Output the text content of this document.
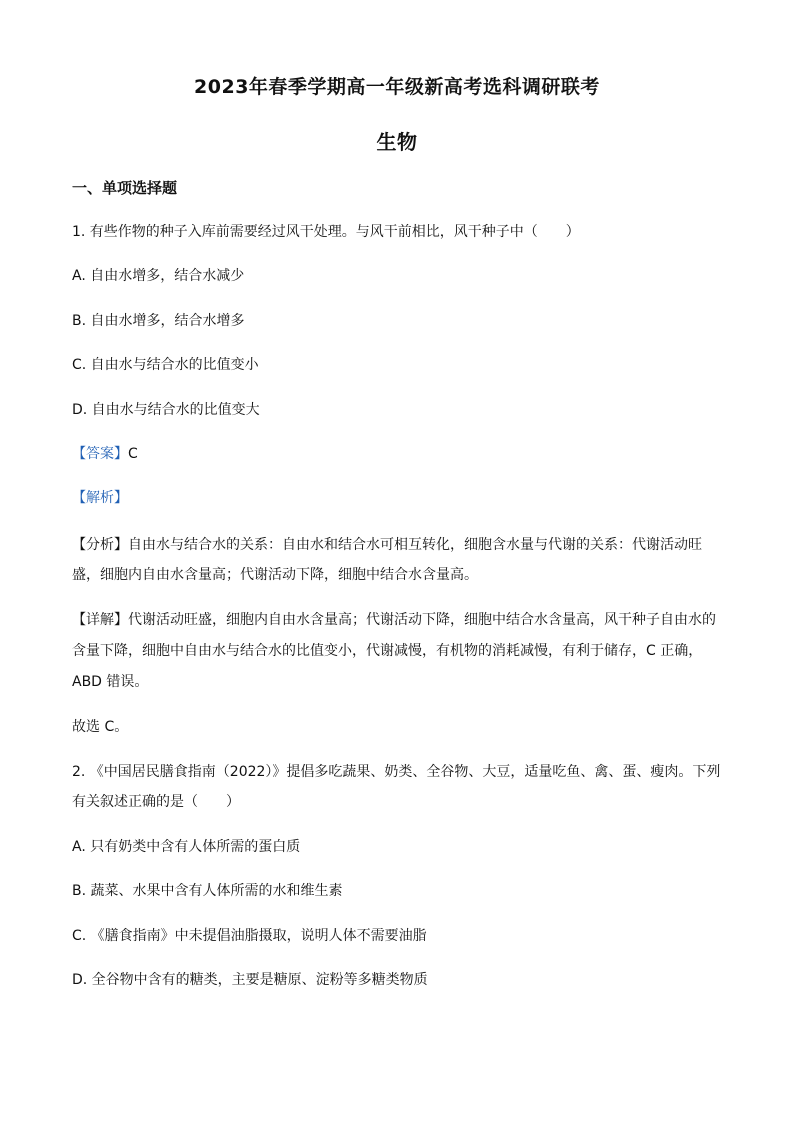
2023年春季学期高一年级新高考选科调研联考
生物
一、单项选择题
1. 有些作物的种子入库前需要经过风干处理。与风干前相比，风干种子中（　　）
A. 自由水增多，结合水减少
B. 自由水增多，结合水增多
C. 自由水与结合水的比值变小
D. 自由水与结合水的比值变大
【答案】C
【解析】
【分析】自由水与结合水的关系：自由水和结合水可相互转化，细胞含水量与代谢的关系：代谢活动旺
盛，细胞内自由水含量高；代谢活动下降，细胞中结合水含量高。
【详解】代谢活动旺盛，细胞内自由水含量高；代谢活动下降，细胞中结合水含量高，风干种子自由水的
含量下降，细胞中自由水与结合水的比值变小，代谢减慢，有机物的消耗减慢，有利于储存，C 正确，
ABD 错误。
故选 C。
2. 《中国居民膳食指南（2022）》提倡多吃蔬果、奶类、全谷物、大豆，适量吃鱼、禽、蛋、瘦肉。下列
有关叙述正确的是（　　）
A. 只有奶类中含有人体所需的蛋白质
B. 蔬菜、水果中含有人体所需的水和维生素
C. 《膳食指南》中未提倡油脂摄取，说明人体不需要油脂
D. 全谷物中含有的糖类，主要是糖原、淀粉等多糖类物质
